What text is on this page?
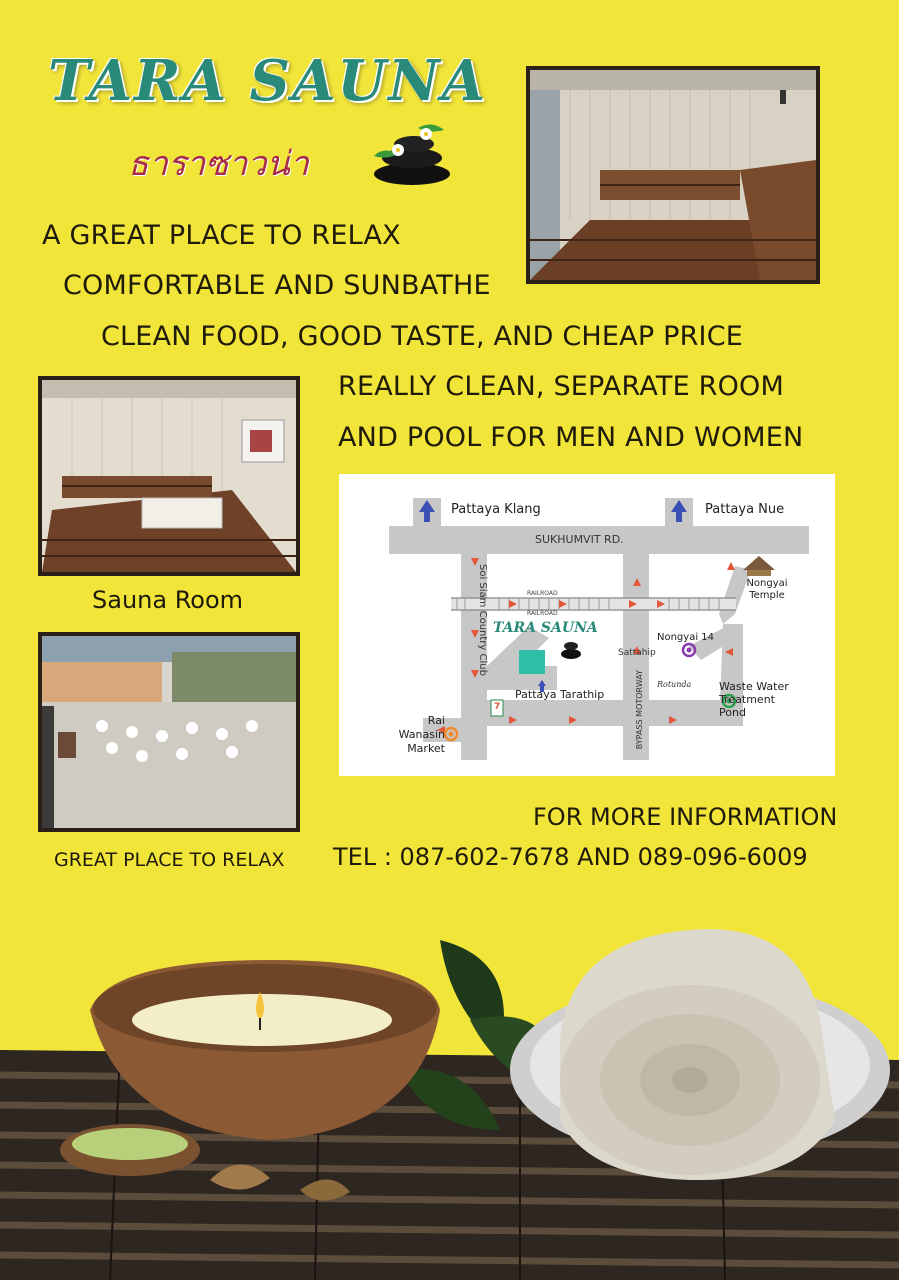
TARA SAUNA
ธาราซาวน่า
A GREAT PLACE TO RELAX
COMFORTABLE AND SUNBATHE
CLEAN FOOD, GOOD TASTE, AND CHEAP PRICE
REALLY CLEAN, SEPARATE ROOM
AND POOL FOR MEN AND WOMEN
Sauna Room
GREAT PLACE TO RELAX
Pattaya Klang	Pattaya Nue
SUKHUMVIT RD.
RAILROAD
RAILROAD
Soi Siam Country Club TARA SAUNA
Sattahip
Nongyai Temple
Nongyai 14
Pattaya Tarathip	BYPASS MOTORWAY	Waste Water Treatment Pond
Rai Wanasin Market
7
Rotunda
FOR MORE INFORMATION
TEL : 087-602-7678 AND 089-096-6009
